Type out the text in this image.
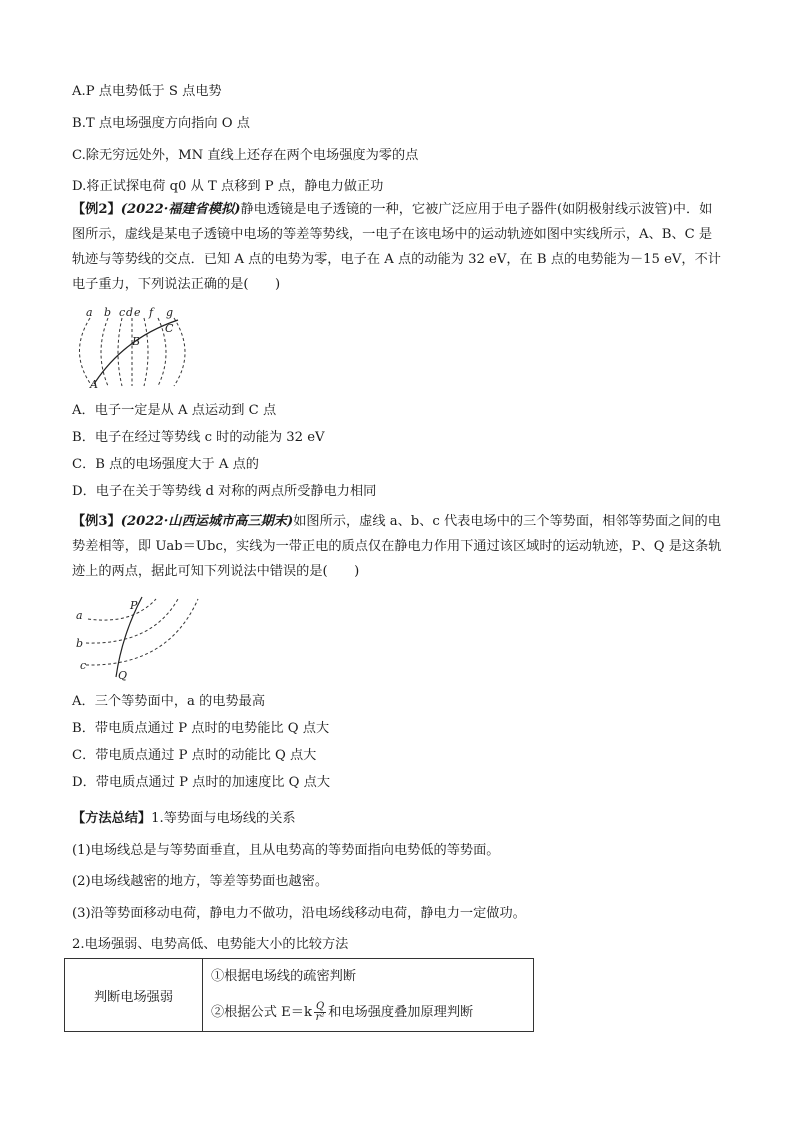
A.P 点电势低于 S 点电势
B.T 点电场强度方向指向 O 点
C.除无穷远处外，MN 直线上还存在两个电场强度为零的点
D.将正试探电荷 q0 从 T 点移到 P 点，静电力做正功
【例2】(2022·福建省模拟)静电透镜是电子透镜的一种，它被广泛应用于电子器件(如阴极射线示波管)中．如图所示，虚线是某电子透镜中电场的等差等势线，一电子在该电场中的运动轨迹如图中实线所示，A、B、C 是轨迹与等势线的交点．已知 A 点的电势为零，电子在 A 点的动能为 32 eV，在 B 点的电势能为－15 eV，不计电子重力，下列说法正确的是(　　)
a b c d e f g
A
B
C
A．电子一定是从 A 点运动到 C 点
B．电子在经过等势线 c 时的动能为 32 eV
C．B 点的电场强度大于 A 点的
D．电子在关于等势线 d 对称的两点所受静电力相同
【例3】(2022·山西运城市高三期末)如图所示，虚线 a、b、c 代表电场中的三个等势面，相邻等势面之间的电势差相等，即 Uab＝Ubc，实线为一带正电的质点仅在静电力作用下通过该区域时的运动轨迹，P、Q 是这条轨迹上的两点，据此可知下列说法中错误的是(　　)
a
b
c
P
Q
A．三个等势面中，a 的电势最高
B．带电质点通过 P 点时的电势能比 Q 点大
C．带电质点通过 P 点时的动能比 Q 点大
D．带电质点通过 P 点时的加速度比 Q 点大
【方法总结】1.等势面与电场线的关系
(1)电场线总是与等势面垂直，且从电势高的等势面指向电势低的等势面。
(2)电场线越密的地方，等差等势面也越密。
(3)沿等势面移动电荷，静电力不做功，沿电场线移动电荷，静电力一定做功。
2.电场强弱、电势高低、电势能大小的比较方法
判断电场强弱
①根据电场线的疏密判断
②根据公式 $E=k \frac{Q}{\text{r²}}$ 和电场强度叠加原理判断
